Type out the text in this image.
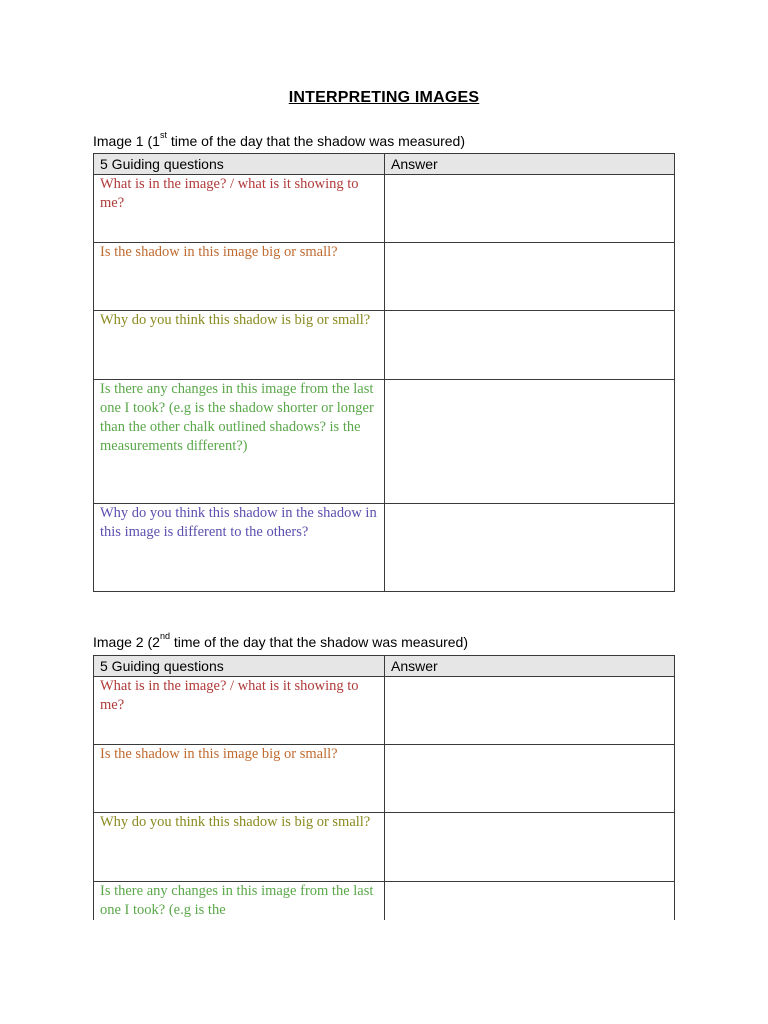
INTERPRETING IMAGES
Image 1 (1st time of the day that the shadow was measured)
5 Guiding questions	Answer
What is in the image? / what is it showing to me?	
Is the shadow in this image big or small?	
Why do you think this shadow is big or small?	
Is there any changes in this image from the last one I took? (e.g is the shadow shorter or longer than the other chalk outlined shadows? is the measurements different?)	
Why do you think this shadow in the shadow in this image is different to the others?	
Image 2 (2nd time of the day that the shadow was measured)
5 Guiding questions	Answer
What is in the image? / what is it showing to me?	
Is the shadow in this image big or small?	
Why do you think this shadow is big or small?	
Is there any changes in this image from the last one I took? (e.g is the	
